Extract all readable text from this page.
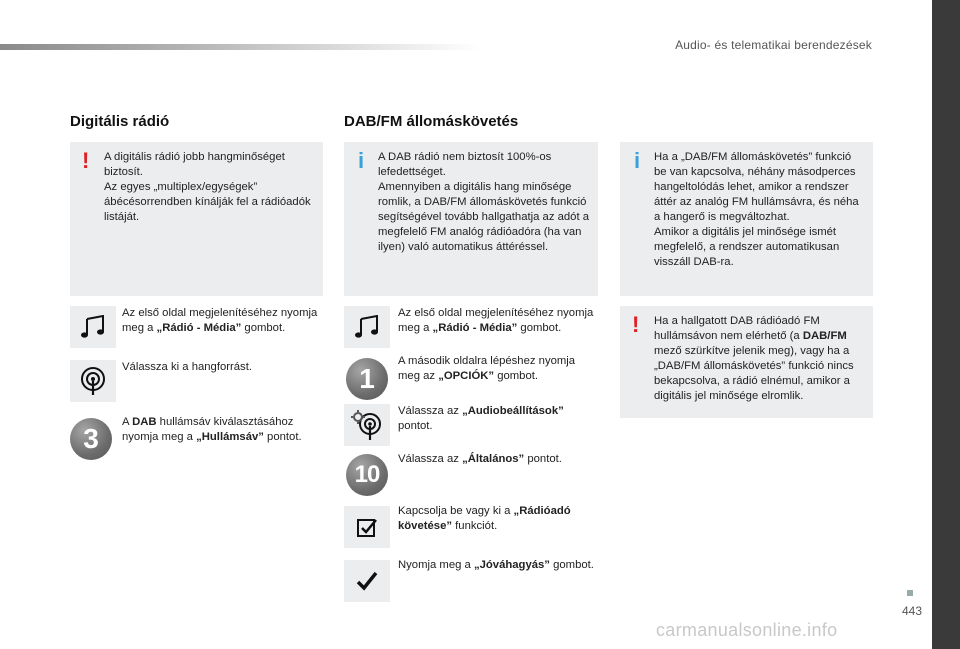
Audio- és telematikai berendezések
Digitális rádió
! A digitális rádió jobb hangminőséget biztosít.
Az egyes „multiplex/egységek” ábécésorrendben kínálják fel a rádióadók listáját.
Az első oldal megjelenítéséhez nyomja meg a „Rádió - Média” gombot.
Válassza ki a hangforrást.
3
A DAB hullámsáv kiválasztásához nyomja meg a „Hullámsáv” pontot.
DAB/FM állomáskövetés
i A DAB rádió nem biztosít 100%-os lefedettséget.
Amennyiben a digitális hang minősége romlik, a DAB/FM állomáskövetés funkció segítségével tovább hallgathatja az adót a megfelelő FM analóg rádióadóra (ha van ilyen) való automatikus áttéréssel.
Az első oldal megjelenítéséhez nyomja meg a „Rádió - Média” gombot.
1
A második oldalra lépéshez nyomja meg az „OPCIÓK” gombot.
Válassza az „Audiobeállítások” pontot.
10
Válassza az „Általános” pontot.
Kapcsolja be vagy ki a „Rádióadó követése” funkciót.
Nyomja meg a „Jóváhagyás” gombot.
i Ha a „DAB/FM állomáskövetés” funkció be van kapcsolva, néhány másodperces hangeltolódás lehet, amikor a rendszer áttér az analóg FM hullámsávra, és néha a hangerő is megváltozhat.
Amikor a digitális jel minősége ismét megfelelő, a rendszer automatikusan visszáll DAB-ra.
! Ha a hallgatott DAB rádióadó FM hullámsávon nem elérhető (a DAB/FM mező szürkítve jelenik meg), vagy ha a „DAB/FM állomáskövetés” funkció nincs bekapcsolva, a rádió elnémul, amikor a digitális jel minősége elromlik.
443
carmanualsonline.info
